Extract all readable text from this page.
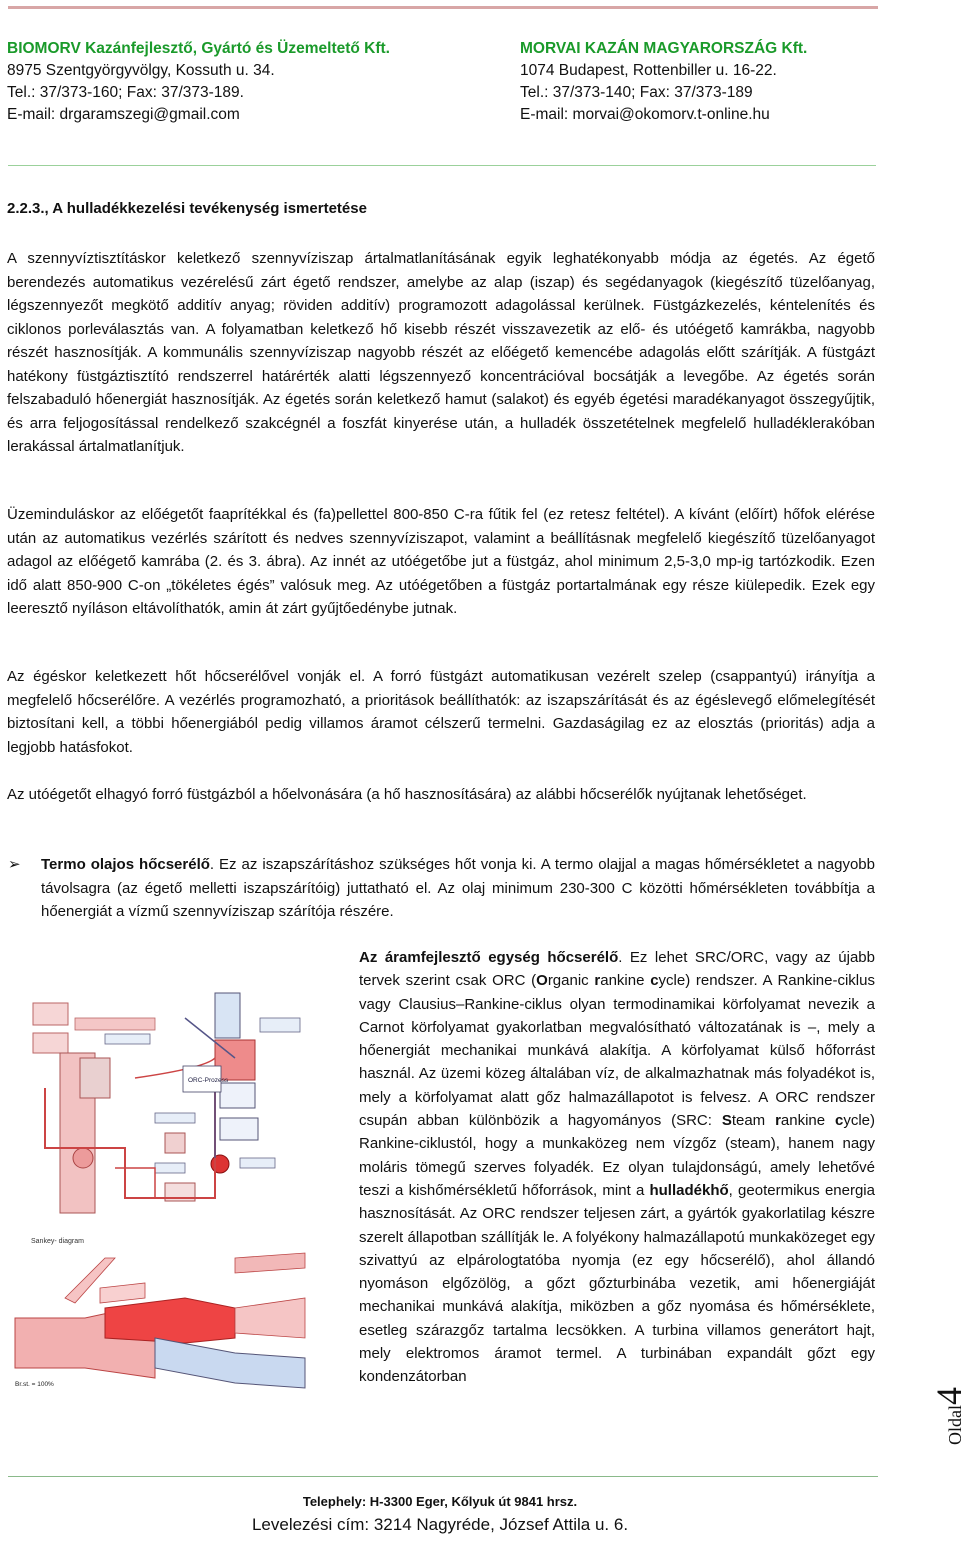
BIOMORV Kazánfejlesztő, Gyártó és Üzemeltető Kft.
8975 Szentgyörgyvölgy, Kossuth u. 34.
Tel.: 37/373-160; Fax: 37/373-189.
E-mail: drgaramszegi@gmail.com
MORVAI KAZÁN MAGYARORSZÁG Kft.
1074 Budapest, Rottenbiller u. 16-22.
Tel.: 37/373-140; Fax: 37/373-189
E-mail: morvai@okomorv.t-online.hu
2.2.3., A hulladékkezelési tevékenység ismertetése
A szennyvíztisztításkor keletkező szennyvíziszap ártalmatlanításának egyik leghatékonyabb módja az égetés. Az égető berendezés automatikus vezérelésű zárt égető rendszer, amelybe az alap (iszap) és segédanyagok (kiegészítő tüzelőanyag, légszennyezőt megkötő additív anyag; röviden additív) programozott adagolással kerülnek. Füstgázkezelés, kéntelenítés és ciklonos porleválasztás van. A folyamatban keletkező hő kisebb részét visszavezetik az elő- és utóégető kamrákba, nagyobb részét hasznosítják. A kommunális szennyvíziszap nagyobb részét az előégető kemencébe adagolás előtt szárítják. A füstgázt hatékony füstgáztisztító rendszerrel határérték alatti légszennyező koncentrációval bocsátják a levegőbe. Az égetés során felszabaduló hőenergiát hasznosítják. Az égetés során keletkező hamut (salakot) és egyéb égetési maradékanyagot összegyűjtik, és arra feljogosítással rendelkező szakcégnél a foszfát kinyerése után, a hulladék összetételnek megfelelő hulladéklerakóban lerakással ártalmatlanítjuk.
Üzeminduláskor az előégetőt faaprítékkal és (fa)pellettel 800-850 C-ra fűtik fel (ez retesz feltétel). A kívánt (előírt) hőfok elérése után az automatikus vezérlés szárított és nedves szennyvíziszapot, valamint a beállításnak megfelelő kiegészítő tüzelőanyagot adagol az előégető kamrába (2. és 3. ábra). Az innét az utóégetőbe jut a füstgáz, ahol minimum 2,5-3,0 mp-ig tartózkodik. Ezen idő alatt 850-900 C-on „tökéletes égés” valósuk meg. Az utóégetőben a füstgáz portartalmának egy része kiülepedik. Ezek egy leeresztő nyíláson eltávolíthatók, amin át zárt gyűjtőedénybe jutnak.
Az égéskor keletkezett hőt hőcserélővel vonják el. A forró füstgázt automatikusan vezérelt szelep (csappantyú) irányítja a megfelelő hőcserélőre. A vezérlés programozható, a prioritások beállíthatók: az iszapszárítását és az égéslevegő előmelegítését biztosítani kell, a többi hőenergiából pedig villamos áramot célszerű termelni. Gazdaságilag ez az elosztás (prioritás) adja a legjobb hatásfokot.
Az utóégetőt elhagyó forró füstgázból a hőelvonására (a hő hasznosítására) az alábbi hőcserélők nyújtanak lehetőséget.
➢ Termo olajos hőcserélő. Ez az iszapszárításhoz szükséges hőt vonja ki. A termo olajjal a magas hőmérsékletet a nagyobb távolsagra (az égető melletti iszapszárítóig) juttatható el. Az olaj minimum 230-300 C közötti hőmérsékleten továbbítja a hőenergiát a vízmű szennyvíziszap szárítója részére.
ORC-Prozess
Br.st. = 100%
Sankey- diagram
Az áramfejlesztő egység hőcserélő. Ez lehet SRC/ORC, vagy az újabb tervek szerint csak ORC (Organic rankine cycle) rendszer. A Rankine-ciklus vagy Clausius–Rankine-ciklus olyan termodinamikai körfolyamat nevezik a Carnot körfolyamat gyakorlatban megvalósítható változatának is –, mely a hőenergiát mechanikai munkává alakítja. A körfolyamat külső hőforrást használ. Az üzemi közeg általában víz, de alkalmazhatnak más folyadékot is, mely a körfolyamat alatt gőz halmazállapotot is felvesz. A ORC rendszer csupán abban különbözik a hagyományos (SRC: Steam rankine cycle) Rankine-ciklustól, hogy a munkaközeg nem vízgőz (steam), hanem nagy moláris tömegű szerves folyadék. Ez olyan tulajdonságú, amely lehetővé teszi a kishőmérsékletű hőforrások, mint a hulladékhő, geotermikus energia hasznosítását. Az ORC rendszer teljesen zárt, a gyártók gyakorlatilag készre szerelt állapotban szállítják le. A folyékony halmazállapotú munkaközeget egy szivattyú az elpárologtatóba nyomja (ez egy hőcserélő), ahol állandó nyomáson elgőzölög, a gőzt gőzturbinába vezetik, ami hőenergiáját mechanikai munkává alakítja, miközben a gőz nyomása és hőmérséklete, esetleg szárazgőz tartalma lecsökken. A turbina villamos generátort hajt, mely elektromos áramot termel. A turbinában expandált gőzt egy kondenzátorban
Oldal4
Telephely: H-3300 Eger, Kőlyuk út 9841 hrsz.
Levelezési cím: 3214 Nagyréde, József Attila u. 6.
